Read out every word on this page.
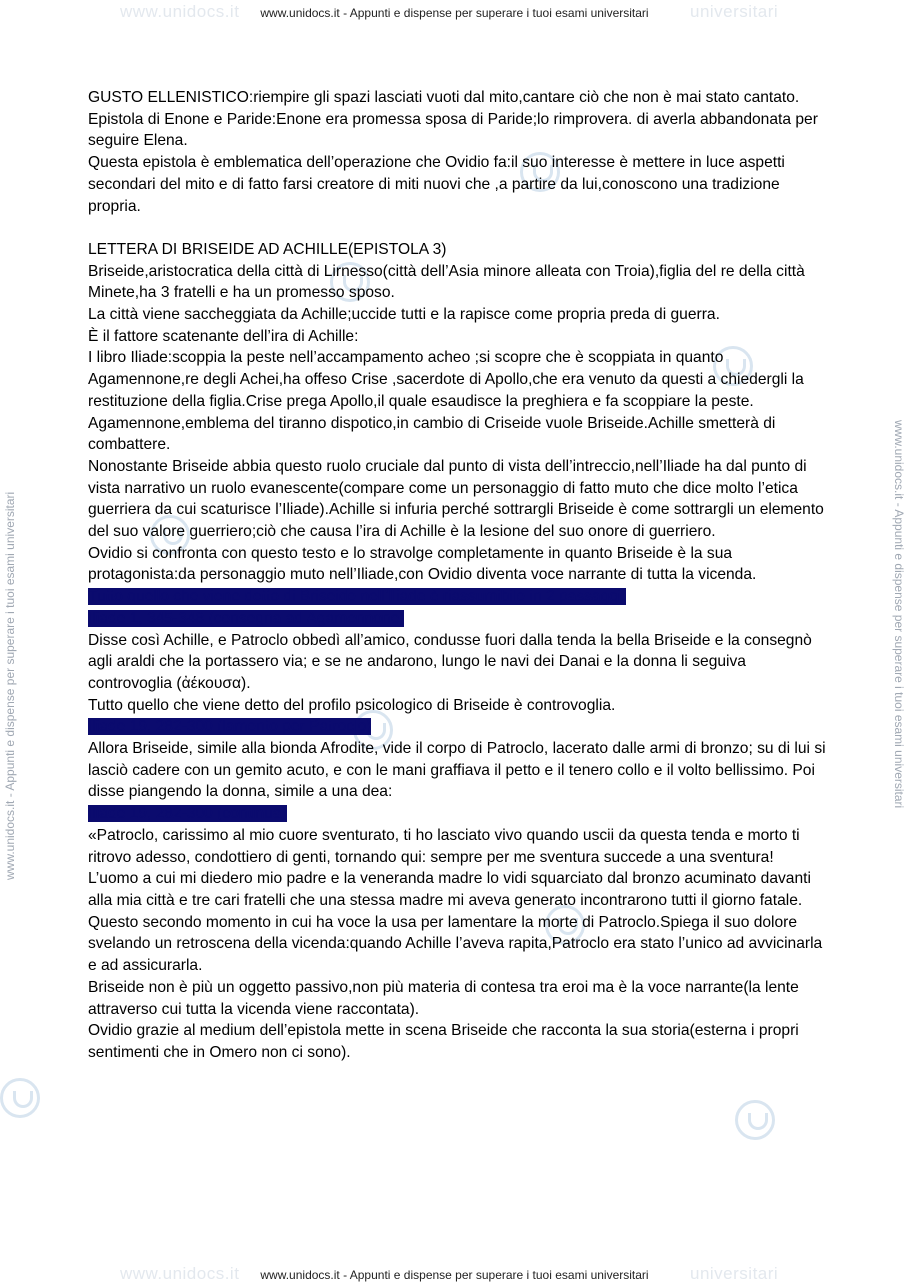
www.unidocs.it	universitari
www.unidocs.it - Appunti e dispense per superare i tuoi esami universitari
www.unidocs.it	universitari
www.unidocs.it - Appunti e dispense per superare i tuoi esami universitari
www.unidocs.it - Appunti e dispense per superare i tuoi esami universitari	www.unidocs.it - Appunti e dispense per superare i tuoi esami universitari

GUSTO ELLENISTICO:riempire gli spazi lasciati vuoti dal mito,cantare ciò che non è mai stato cantato.

Epistola di Enone e Paride:Enone era promessa sposa di Paride;lo rimprovera. di averla abbandonata per seguire Elena.

Questa epistola è emblematica dell’operazione che Ovidio fa:il suo interesse è mettere in luce aspetti secondari del mito e di fatto farsi creatore di miti nuovi che ,a partire da lui,conoscono una tradizione propria.

LETTERA DI BRISEIDE AD ACHILLE(EPISTOLA 3)

Briseide,aristocratica della città di Lirnesso(città dell’Asia minore alleata con Troia),figlia del re della città Minete,ha 3 fratelli e ha un promesso sposo.

La città viene saccheggiata da Achille;uccide tutti e la rapisce come propria preda di guerra.

È il fattore scatenante dell’ira di Achille:

I libro Iliade:scoppia la peste nell’accampamento acheo ;si scopre che è scoppiata in quanto Agamennone,re degli Achei,ha offeso Crise ,sacerdote di Apollo,che era venuto da questi a chiedergli la restituzione della figlia.Crise prega Apollo,il quale esaudisce la preghiera e fa scoppiare la peste.

Agamennone,emblema del tiranno dispotico,in cambio di Criseide vuole Briseide.Achille smetterà di combattere.

Nonostante Briseide abbia questo ruolo cruciale dal punto di vista dell’intreccio,nell’Iliade ha dal punto di vista narrativo un ruolo evanescente(compare come un personaggio di fatto muto che dice molto l’etica guerriera da cui scaturisce l’Iliade).Achille si infuria perché sottrargli Briseide è come sottrargli un elemento del suo valore guerriero;ciò che causa l’ira di Achille è la lesione del suo onore di guerriero.

Ovidio si confronta con questo testo e lo stravolge completamente in quanto Briseide è la sua protagonista:da personaggio muto nell’Iliade,con Ovidio diventa voce narrante di tutta la vicenda.

Tutto quello che viene detto di Briseide nell’Iliade è riassumibile in 2 passaggi:

Iliade 1, 345-348 (consegna ad Agamennone)

Disse così Achille, e Patroclo obbedì all’amico, condusse fuori dalla tenda la bella Briseide e la consegnò agli araldi che la portassero via; e se ne andarono, lungo le navi dei Danai e la donna li seguiva controvoglia (ἀέκουσα).

Tutto quello che viene detto del profilo psicologico di Briseide è controvoglia.

Iliade 19, 282-300 (lamento per Patroclo)

Allora Briseide, simile alla bionda Afrodite, vide il corpo di Patroclo, lacerato dalle armi di bronzo; su di lui si lasciò cadere con un gemito acuto, e con le mani graffiava il petto e il tenero collo e il volto bellissimo. Poi disse piangendo la donna, simile a una dea:

Iliade 19, 282-300 (continua)

«Patroclo, carissimo al mio cuore sventurato, ti ho lasciato vivo quando uscii da questa tenda e morto ti ritrovo adesso, condottiero di genti, tornando qui: sempre per me sventura succede a una sventura! L’uomo a cui mi diedero mio padre e la veneranda madre lo vidi squarciato dal bronzo acuminato davanti alla mia città e tre cari fratelli che una stessa madre mi aveva generato incontrarono tutti il giorno fatale.

Questo secondo momento in cui ha voce la usa per lamentare la morte di Patroclo.Spiega il suo dolore svelando un retroscena della vicenda:quando Achille l’aveva rapita,Patroclo era stato l’unico ad avvicinarla e ad assicurarla.

Briseide non è più un oggetto passivo,non più materia di contesa tra eroi ma è la voce narrante(la lente attraverso cui tutta la vicenda viene raccontata).

Ovidio grazie al medium dell’epistola mette in scena Briseide che racconta la sua storia(esterna i propri sentimenti che in Omero non ci sono).
